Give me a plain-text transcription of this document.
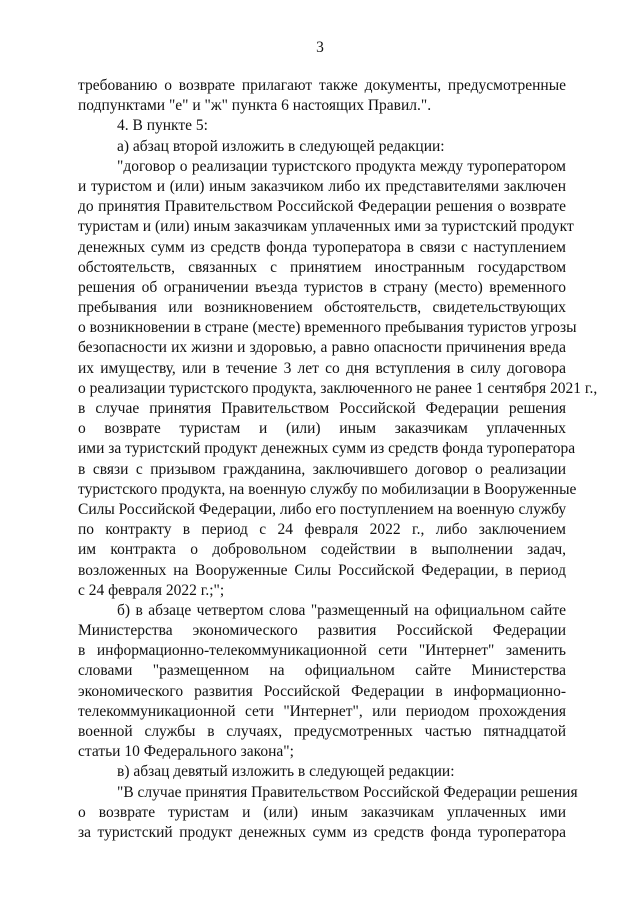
3
требованию о возврате прилагают также документы, предусмотренные
подпунктами "е" и "ж" пункта 6 настоящих Правил.".
4. В пункте 5:
а) абзац второй изложить в следующей редакции:
"договор о реализации туристского продукта между туроператором
и туристом и (или) иным заказчиком либо их представителями заключен
до принятия Правительством Российской Федерации решения о возврате
туристам и (или) иным заказчикам уплаченных ими за туристский продукт
денежных сумм из средств фонда туроператора в связи с наступлением
обстоятельств, связанных с принятием иностранным государством
решения об ограничении въезда туристов в страну (место) временного
пребывания или возникновением обстоятельств, свидетельствующих
о возникновении в стране (месте) временного пребывания туристов угрозы
безопасности их жизни и здоровью, а равно опасности причинения вреда
их имуществу, или в течение 3 лет со дня вступления в силу договора
о реализации туристского продукта, заключенного не ранее 1 сентября 2021 г.,
в случае принятия Правительством Российской Федерации решения
о возврате туристам и (или) иным заказчикам уплаченных
ими за туристский продукт денежных сумм из средств фонда туроператора
в связи с призывом гражданина, заключившего договор о реализации
туристского продукта, на военную службу по мобилизации в Вооруженные
Силы Российской Федерации, либо его поступлением на военную службу
по контракту в период с 24 февраля 2022 г., либо заключением
им контракта о добровольном содействии в выполнении задач,
возложенных на Вооруженные Силы Российской Федерации, в период
с 24 февраля 2022 г.;";
б) в абзаце четвертом слова "размещенный на официальном сайте
Министерства экономического развития Российской Федерации
в информационно-телекоммуникационной сети "Интернет" заменить
словами "размещенном на официальном сайте Министерства
экономического развития Российской Федерации в информационно-
телекоммуникационной сети "Интернет", или периодом прохождения
военной службы в случаях, предусмотренных частью пятнадцатой
статьи 10 Федерального закона";
в) абзац девятый изложить в следующей редакции:
"В случае принятия Правительством Российской Федерации решения
о возврате туристам и (или) иным заказчикам уплаченных ими
за туристский продукт денежных сумм из средств фонда туроператора
